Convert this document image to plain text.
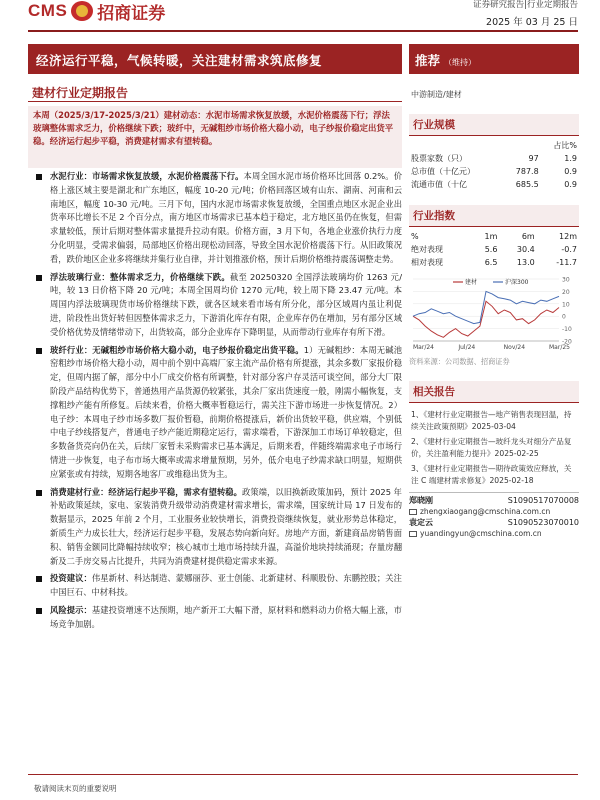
CMS 招商证券	证券研究报告|行业定期报告
2025 年 03 月 25 日
经济运行平稳，气候转暖，关注建材需求筑底修复	推荐 （维持）
建材行业定期报告
本周（2025/3/17-2025/3/21）建材动态：水泥市场需求恢复放缓，水泥价格震荡下行；浮法玻璃整体需求乏力，价格继续下跌；玻纤中，无碱粗纱市场价格大稳小动，电子纱报价稳定出货平稳。经济运行起步平稳，消费建材需求有望转稳。
水泥行业：市场需求恢复放缓，水泥价格震荡下行。本周全国水泥市场价格环比回落 0.2%。价格上涨区域主要是湖北和广东地区，幅度 10-20 元/吨；价格回落区域有山东、湖南、河南和云南地区，幅度 10-30 元/吨。三月下旬，国内水泥市场需求恢复放缓，全国重点地区水泥企业出货率环比增长不足 2 个百分点，南方地区市场需求已基本趋于稳定，北方地区虽仍在恢复，但需求量较低，预计后期对整体需求量提升拉动有限。价格方面，3 月下旬，各地企业涨价执行力度分化明显，受需求偏弱，局部地区价格出现松动回落，导致全国水泥价格震荡下行。从旧政策况看，跌价地区企业多将继续并集行业自律，并计划推涨价格，预计后期价格维持震荡调整走势。
浮法玻璃行业：整体需求乏力，价格继续下跌。截至 20250320 全国浮法玻璃均价 1263 元/吨，较 13 日价格下降 20 元/吨；本周全国周均价 1270 元/吨，较上周下降 23.47 元/吨。本周国内浮法玻璃现货市场价格继续下跌，就各区域来看市场有所分化，部分区域周内虽让利促进，阶段性出货好转但因整体需求乏力，下游消化库存有限，企业库存仍在增加，另有部分区域受价格优势及情绪带动下，出货较高，部分企业库存下降明显，从而带动行业库存有所下滑。
玻纤行业：无碱粗纱市场价格大稳小动，电子纱报价稳定出货平稳。1）无碱粗纱：本周无碱池窑粗纱市场价格大稳小动，周中前个别中高端厂家主流产品价格有所提涨，其余多数厂家报价稳定，但周内据了解，部分中小厂成交价格有所调整，针对部分客户存灵活可谈空间，部分大厂限阶段产品结构优势下，普通热用产品货源仍较紧张，其余厂家出货速度一般，刚需小幅恢复，支撑粗纱产能有所修复。后续来看，价格大概率暂稳运行，需关注下游市场进一步恢复情况。2）电子纱：本周电子纱市场多数厂报价暂稳，前期价格提涨后，新价出货较平稳，供应端，个别低中电子纱线搭复产，普通电子纱产能近期稳定运行，需求端看，下游深加工市场订单较稳定，但多数备货亮向仍在关，后续厂家暂未采购需求已基本满足，后期来看，伴随终端需求电子市场行情进一步恢复，电子布市场大概率或需求增量预期，另外，低介电电子纱需求缺口明显，短期供应紧张或有持续，短期各地客厂或维稳出货为主。
消费建材行业：经济运行起步平稳，需求有望转稳。政策端，以旧换新政策加码，预计 2025 年补贴政策延续，家电、家装消费升级带动消费建材需求增长，需求端，国家统计局 17 日发布的数据显示，2025 年前 2 个月，工业服务业较快增长，消费投资继续恢复，就业形势总体稳定，新质生产力成长壮大，经济运行起步平稳，发展态势向新向好。房地产方面，新建商品房销售面积、销售金额同比降幅持续收窄；核心城市土地市场持续升温，高溢价地块持续涌现；存量房翻新及二手房交易占比提升，共同为消费建材提供稳定需求来源。
投资建议：伟星新材、科达制造、蒙娜丽莎、亚士创能、北新建材、科顺股份、东鹏控股；关注中国巨石、中材科技。
风险提示：基建投资增速不达预期，地产新开工大幅下滑，原材料和燃料动力价格大幅上涨，市场竞争加剧。
中游制造/建材
行业规模
		占比%
股票家数（只）	97	1.9
总市值（十亿元）	787.8	0.9
流通市值（十亿	685.5	0.9
行业指数
%	1m	6m	12m
绝对表现	5.6	30.4	-0.7
相对表现	6.5	13.0	-11.7
30
20
10
0
-10
-20
Mar/24	Jul/24	Nov/24	Mar/25
建材	沪深300
资料来源：公司数据、招商证券
相关报告
1、《建材行业定期报告—地产销售表现回温，持续关注政策预期》2025-03-04
2、《建材行业定期报告—玻纤龙头对细分产品复价，关注盈利能力提升》2025-02-25
3、《建材行业定期报告—期待政策效应释放，关注 C 端建材需求修复》2025-02-18
郑晓刚	S1090517070008
zhengxiaogang@cmschina.com.cn
袁定云	S1090523070010
yuandingyun@cmschina.com.cn
敬请阅读末页的重要说明
